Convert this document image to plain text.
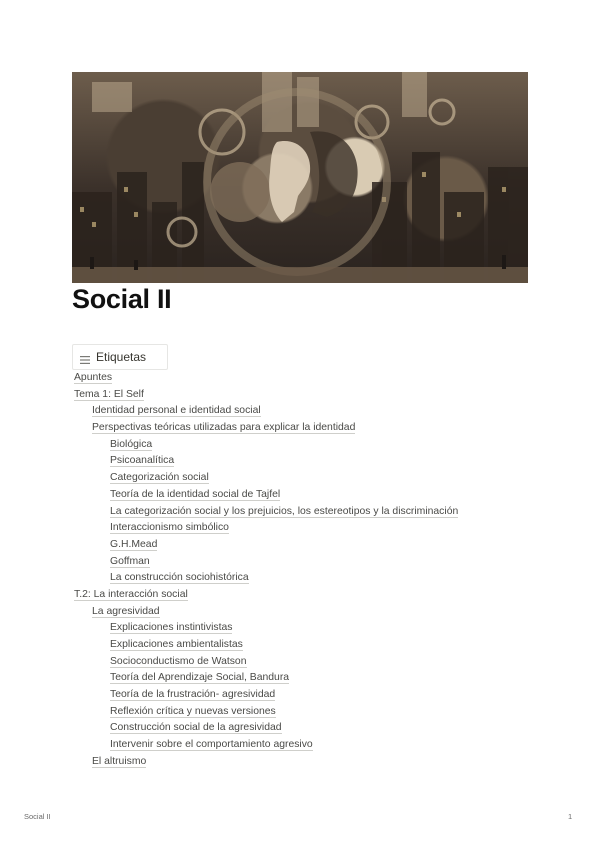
Social II
Etiquetas
Apuntes
Tema 1: El Self
Identidad personal e identidad social
Perspectivas teóricas utilizadas para explicar la identidad
Biológica
Psicoanalítica
Categorización social
Teoría de la identidad social de Tajfel
La categorización social y los prejuicios, los estereotipos y la discriminación
Interaccionismo simbólico
G.H.Mead
Goffman
La construcción sociohistórica
T.2: La interacción social
La agresividad
Explicaciones instintivistas
Explicaciones ambientalistas
Socioconductismo de Watson
Teoría del Aprendizaje Social, Bandura
Teoría de la frustración- agresividad
Reflexión crítica y nuevas versiones
Construcción social de la agresividad
Intervenir sobre el comportamiento agresivo
El altruismo
Social II	1
